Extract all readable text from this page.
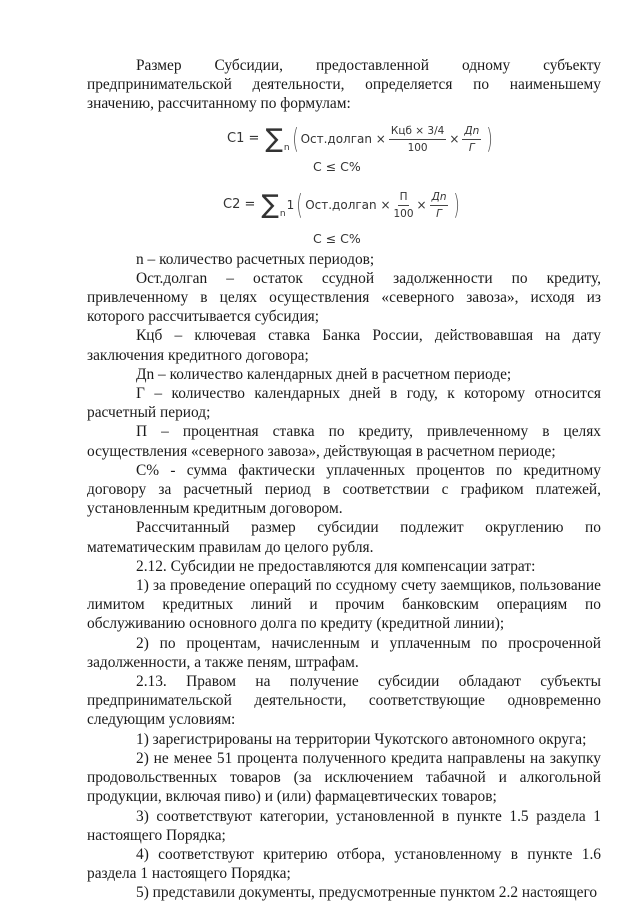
Размер Субсидии, предоставленной одному субъекту предпринимательской деятельности, определяется по наименьшему значению, рассчитанному по формулам:

С1 = ∑ n ( Ост.долгаn × $\frac{\text{Кцб × 3/4}}{100} \times \frac{Дn}{Г}$ )
С ≤ С%
С2 = ∑ n
1 ( Ост.долгаn × $\frac{П}{100} \times \frac{Дn}{Г}$ )
С ≤ С%

n – количество расчетных периодов;

Ост.долгаn – остаток ссудной задолженности по кредиту, привлеченному в целях осуществления «северного завоза», исходя из которого рассчитывается субсидия;

Кцб – ключевая ставка Банка России, действовавшая на дату заключения кредитного договора;

Дn – количество календарных дней в расчетном периоде;

Г – количество календарных дней в году, к которому относится расчетный период;

П – процентная ставка по кредиту, привлеченному в целях осуществления «северного завоза», действующая в расчетном периоде;

С% - сумма фактически уплаченных процентов по кредитному договору за расчетный период в соответствии с графиком платежей, установленным кредитным договором.

Рассчитанный размер субсидии подлежит округлению по математическим правилам до целого рубля.

2.12. Субсидии не предоставляются для компенсации затрат:

1) за проведение операций по ссудному счету заемщиков, пользование лимитом кредитных линий и прочим банковским операциям по обслуживанию основного долга по кредиту (кредитной линии);

2) по процентам, начисленным и уплаченным по просроченной задолженности, а также пеням, штрафам.

2.13. Правом на получение субсидии обладают субъекты предпринимательской деятельности, соответствующие одновременно следующим условиям:

1) зарегистрированы на территории Чукотского автономного округа;

2) не менее 51 процента полученного кредита направлены на закупку продовольственных товаров (за исключением табачной и алкогольной продукции, включая пиво) и (или) фармацевтических товаров;

3) соответствуют категории, установленной в пункте 1.5 раздела 1 настоящего Порядка;

4) соответствуют критерию отбора, установленному в пункте 1.6 раздела 1 настоящего Порядка;

5) представили документы, предусмотренные пунктом 2.2 настоящего
